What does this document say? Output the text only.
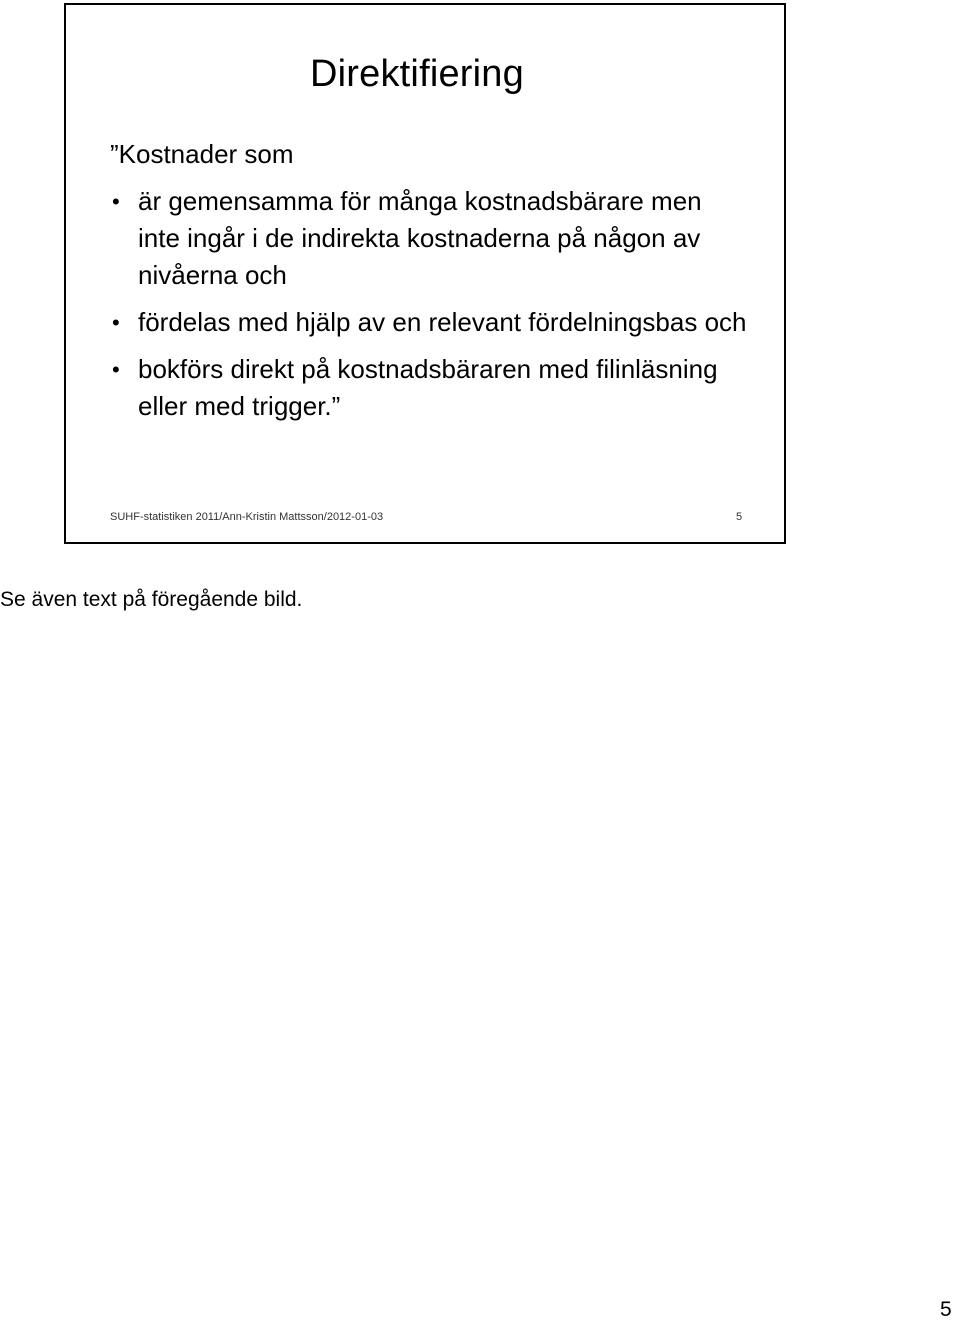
Direktifiering
”Kostnader som
• är gemensamma för många kostnadsbärare men inte ingår i de indirekta kostnaderna på någon av nivåerna och
• fördelas med hjälp av en relevant fördelningsbas och
• bokförs direkt på kostnadsbäraren med filinläsning eller med trigger.”
SUHF-statistiken 2011/Ann-Kristin Mattsson/2012-01-03	5
Se även text på föregående bild.
5
